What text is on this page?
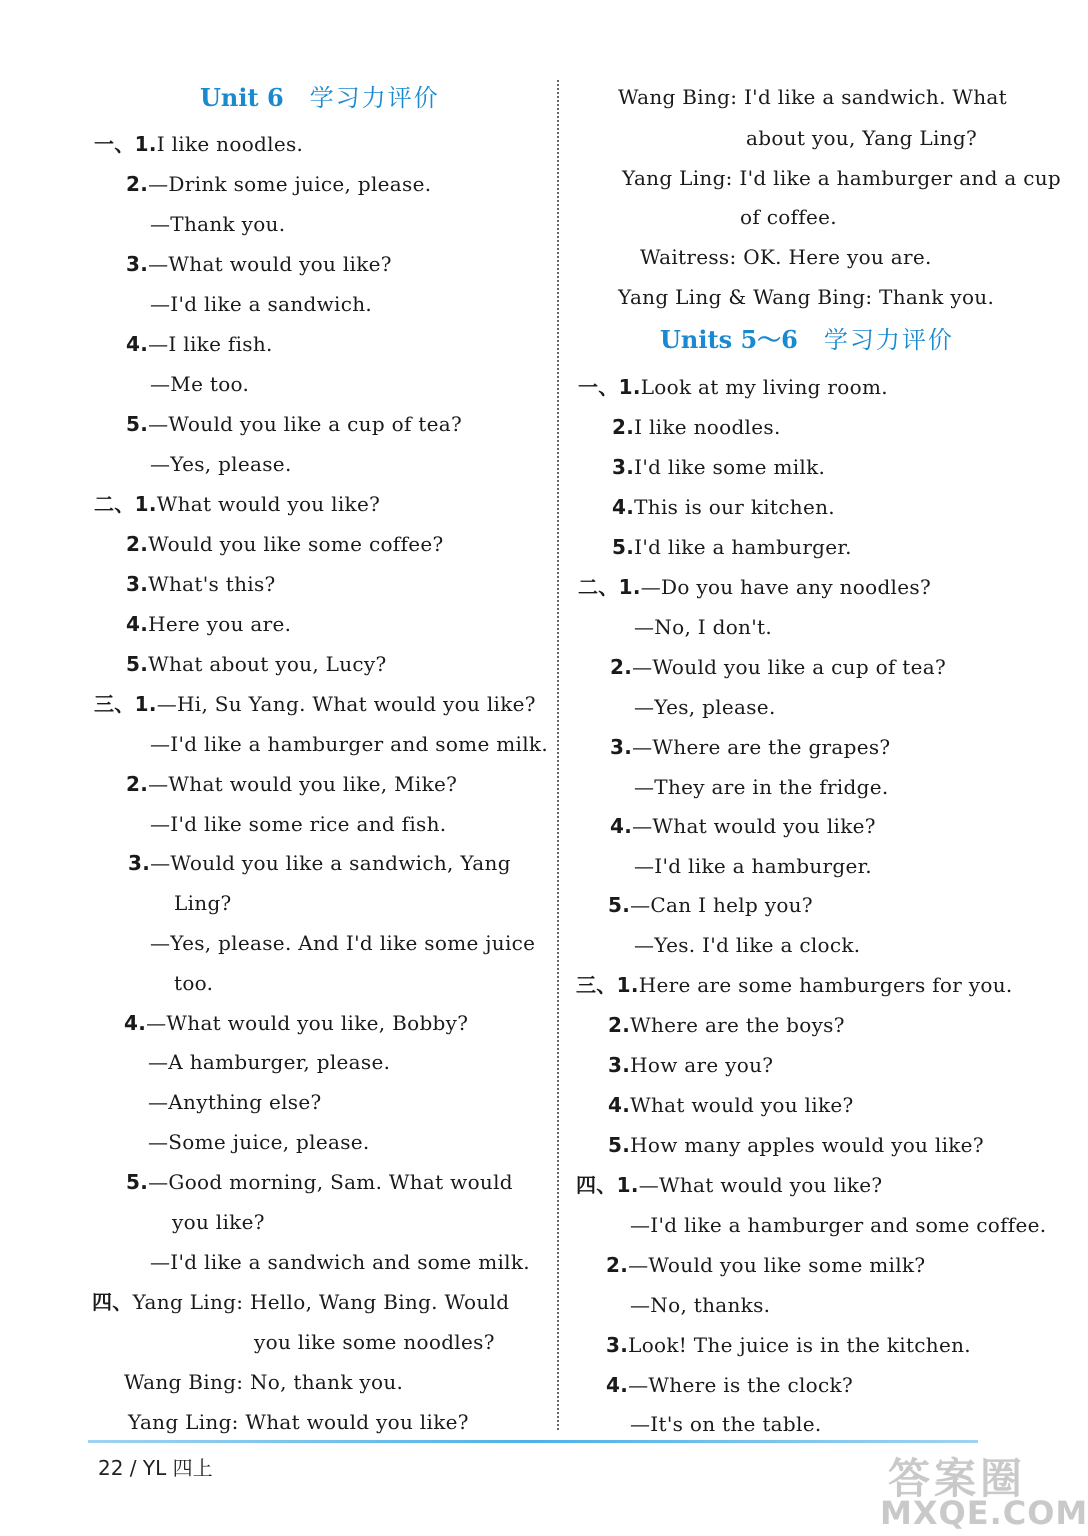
Unit 6 学习力评价
一、1.I like noodles.
2.—Drink some juice, please.
—Thank you.
3.—What would you like?
—I'd like a sandwich.
4.—I like fish.
—Me too.
5.—Would you like a cup of tea?
—Yes, please.
二、1.What would you like?
2.Would you like some coffee?
3.What's this?
4.Here you are.
5.What about you, Lucy?
三、1.—Hi, Su Yang. What would you like?
—I'd like a hamburger and some milk.
2.—What would you like, Mike?
—I'd like some rice and fish.
3.—Would you like a sandwich, Yang
Ling?
—Yes, please. And I'd like some juice
too.
4.—What would you like, Bobby?
—A hamburger, please.
—Anything else?
—Some juice, please.
5.—Good morning, Sam. What would
you like?
—I'd like a sandwich and some milk.
四、Yang Ling: Hello, Wang Bing. Would
you like some noodles?
Wang Bing: No, thank you.
Yang Ling: What would you like?
Wang Bing: I'd like a sandwich. What
about you, Yang Ling?
Yang Ling: I'd like a hamburger and a cup
of coffee.
Waitress: OK. Here you are.
Yang Ling & Wang Bing: Thank you.
Units 5～6 学习力评价
一、1.Look at my living room.
2.I like noodles.
3.I'd like some milk.
4.This is our kitchen.
5.I'd like a hamburger.
二、1.—Do you have any noodles?
—No, I don't.
2.—Would you like a cup of tea?
—Yes, please.
3.—Where are the grapes?
—They are in the fridge.
4.—What would you like?
—I'd like a hamburger.
5.—Can I help you?
—Yes. I'd like a clock.
三、1.Here are some hamburgers for you.
2.Where are the boys?
3.How are you?
4.What would you like?
5.How many apples would you like?
四、1.—What would you like?
—I'd like a hamburger and some coffee.
2.—Would you like some milk?
—No, thanks.
3.Look! The juice is in the kitchen.
4.—Where is the clock?
—It's on the table.
22 / YL 四上	答案圈
MXQE.COM
